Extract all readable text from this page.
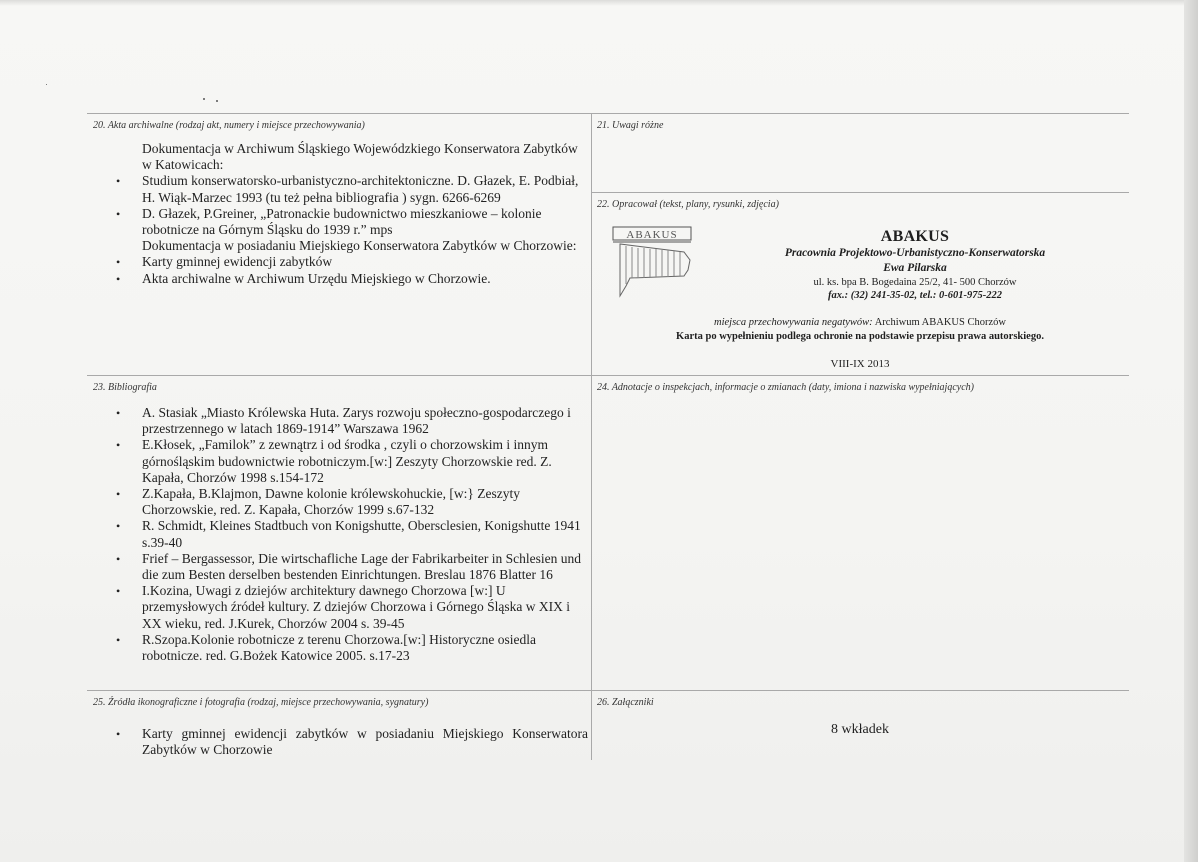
20. Akta archiwalne (rodzaj akt, numery i miejsce przechowywania)

Dokumentacja w Archiwum Śląskiego Wojewódzkiego Konserwatora Zabytków w Katowicach:

• Studium konserwatorsko-urbanistyczno-architektoniczne. D. Głazek, E. Podbiał, H. Wiąk-Marzec 1993 (tu też pełna bibliografia ) sygn. 6266-6269
• D. Głazek, P.Greiner, „Patronackie budownictwo mieszkaniowe – kolonie robotnicze na Górnym Śląsku do 1939 r.” mps

Dokumentacja w posiadaniu Miejskiego Konserwatora Zabytków w Chorzowie:

• Karty gminnej ewidencji zabytków
• Akta archiwalne w Archiwum Urzędu Miejskiego w Chorzowie.
21. Uwagi różne
22. Opracował (tekst, plany, rysunki, zdjęcia)
ABAKUS	ABAKUS
Pracownia Projektowo-Urbanistyczno-Konserwatorska
Ewa Pilarska
ul. ks. bpa B. Bogedaina 25/2, 41- 500 Chorzów
fax.: (32) 241-35-02, tel.: 0-601-975-222
miejsca przechowywania negatywów: Archiwum ABAKUS Chorzów
Karta po wypełnieniu podlega ochronie na podstawie przepisu prawa autorskiego.
VIII-IX 2013
23. Bibliografia
• A. Stasiak „Miasto Królewska Huta. Zarys rozwoju społeczno-gospodarczego i przestrzennego w latach 1869-1914” Warszawa 1962
• E.Kłosek, „Familok” z zewnątrz i od środka , czyli o chorzowskim i innym górnośląskim budownictwie robotniczym.[w:] Zeszyty Chorzowskie red. Z. Kapała, Chorzów 1998 s.154-172
• Z.Kapała, B.Klajmon, Dawne kolonie królewskohuckie, [w:} Zeszyty Chorzowskie, red. Z. Kapała, Chorzów 1999 s.67-132
• R. Schmidt, Kleines Stadtbuch von Konigshutte, Obersclesien, Konigshutte 1941 s.39-40
• Frief – Bergassessor, Die wirtschafliche Lage der Fabrikarbeiter in Schlesien und die zum Besten derselben bestenden Einrichtungen. Breslau 1876 Blatter 16
• I.Kozina, Uwagi z dziejów architektury dawnego Chorzowa [w:] U przemysłowych źródeł kultury. Z dziejów Chorzowa i Górnego Śląska w XIX i XX wieku, red. J.Kurek, Chorzów 2004 s. 39-45
• R.Szopa.Kolonie robotnicze z terenu Chorzowa.[w:] Historyczne osiedla robotnicze. red. G.Bożek Katowice 2005. s.17-23
24. Adnotacje o inspekcjach, informacje o zmianach (daty, imiona i nazwiska wypełniających)
25. Źródła ikonograficzne i fotografia (rodzaj, miejsce przechowywania, sygnatury)
• Karty gminnej ewidencji zabytków w posiadaniu Miejskiego Konserwatora Zabytków w Chorzowie
26. Załączniki
8 wkładek
